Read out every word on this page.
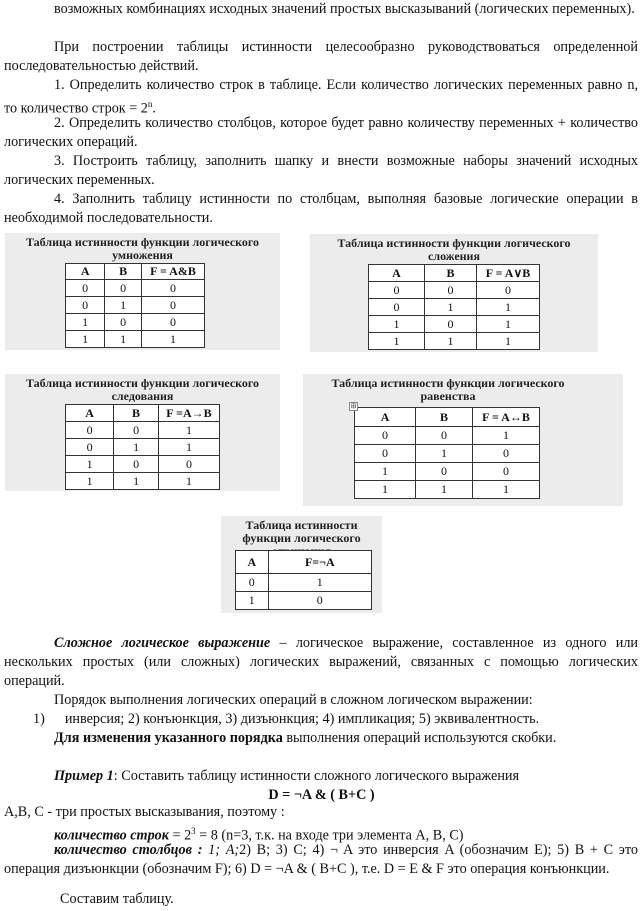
возможных комбинациях исходных значений простых высказываний (логических переменных).
При построении таблицы истинности целесообразно руководствоваться определенной последовательностью действий.
1. Определить количество строк в таблице. Если количество логических переменных равно n, то количество строк = $2^n$.
2. Определить количество столбцов, которое будет равно количеству переменных + количество логических операций.
3. Построить таблицу, заполнить шапку и внести возможные наборы значений исходных логических переменных.
4. Заполнить таблицу истинности по столбцам, выполняя базовые логические операции в необходимой последовательности.
Таблица истинности функции логического умножения
A	B	F = A&B
0	0	0
0	1	0
1	0	0
1	1	1
Таблица истинности функции логического сложения
A	B	F = A∨B
0	0	0
0	1	1
1	0	1
1	1	1
Таблица истинности функции логического следования
A	B	F =A→B
0	0	1
0	1	1
1	0	0
1	1	1
Таблица истинности функции логического равенства
A	B	F = A↔B
0	0	1
0	1	0
1	0	0
1	1	1
⊞
Таблица истинности функции логического
A	F=¬A
0	1
1	0
Сложное логическое выражение – логическое выражение, составленное из одного или нескольких простых (или сложных) логических выражений, связанных с помощью логических операций.
Порядок выполнения логических операций в сложном логическом выражении:
1) инверсия; 2) конъюнкция, 3) дизъюнкция; 4) импликация; 5) эквивалентность.
Для изменения указанного порядка выполнения операций используются скобки.
Пример 1: Составить таблицу истинности сложного логического выражения
D = ¬A & ( B+C )
A,B, C - три простых высказывания, поэтому :
количество строк = $2^3 = 8$ (n=3, т.к. на входе три элемента A, B, C)
количество столбцов : 1; A;2) B; 3) C; 4) ¬ A это инверсия A (обозначим E); 5) B + C это операция дизъюнкции (обозначим F); 6) D = ¬A & ( B+C ), т.е. D = E & F это операция конъюнкции.
Составим таблицу.
